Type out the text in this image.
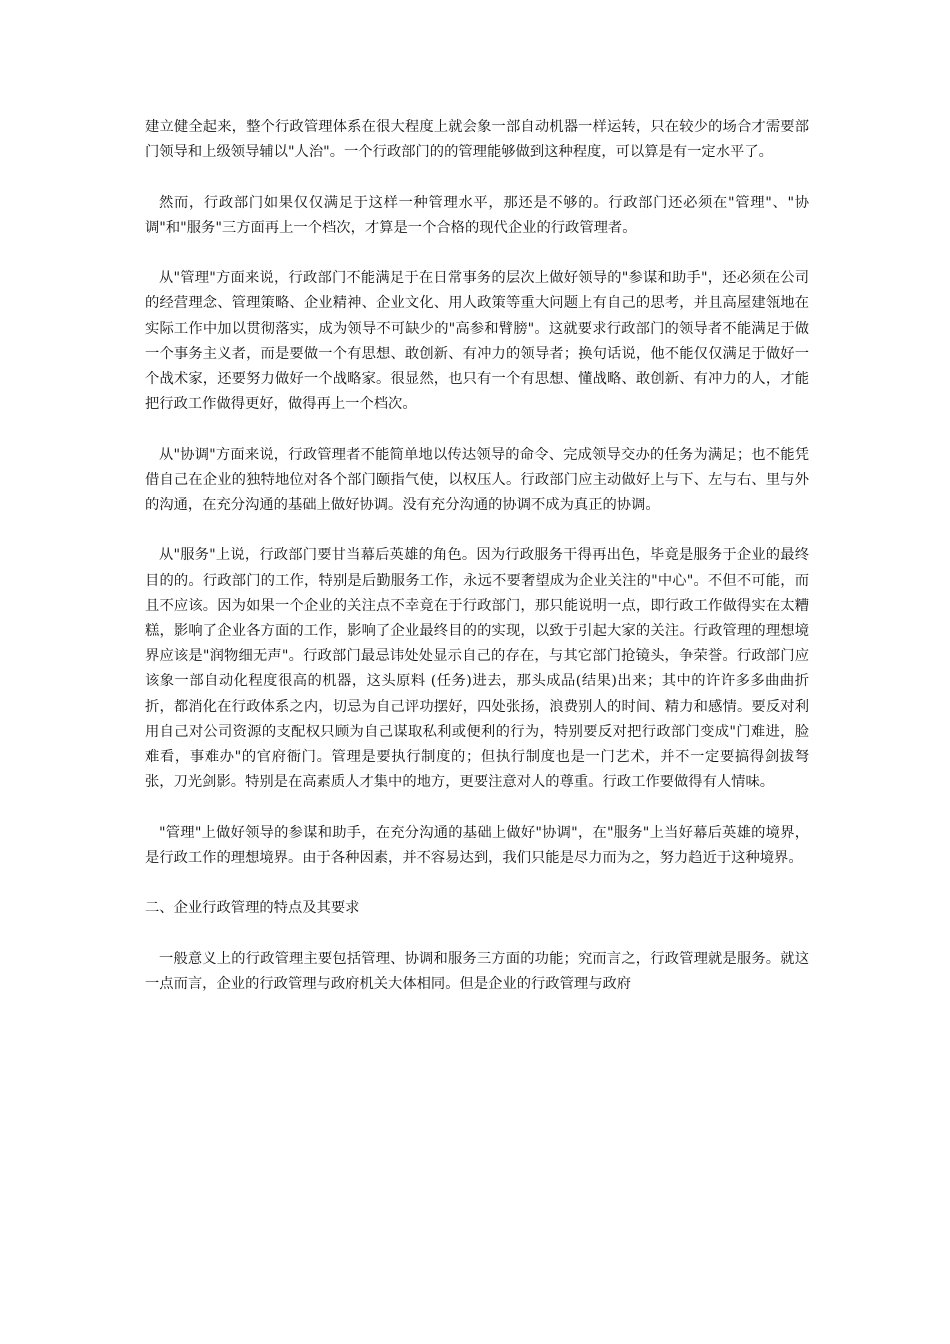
建立健全起来，整个行政管理体系在很大程度上就会象一部自动机器一样运转，只在较少的场合才需要部门领导和上级领导辅以"人治"。一个行政部门的的管理能够做到这种程度，可以算是有一定水平了。

然而，行政部门如果仅仅满足于这样一种管理水平，那还是不够的。行政部门还必须在"管理"、"协调"和"服务"三方面再上一个档次，才算是一个合格的现代企业的行政管理者。

从"管理"方面来说，行政部门不能满足于在日常事务的层次上做好领导的"参谋和助手"，还必须在公司的经营理念、管理策略、企业精神、企业文化、用人政策等重大问题上有自己的思考，并且高屋建瓴地在实际工作中加以贯彻落实，成为领导不可缺少的"高参和臂膀"。这就要求行政部门的领导者不能满足于做一个事务主义者，而是要做一个有思想、敢创新、有冲力的领导者；换句话说，他不能仅仅满足于做好一个战术家，还要努力做好一个战略家。很显然，也只有一个有思想、懂战略、敢创新、有冲力的人，才能把行政工作做得更好，做得再上一个档次。

从"协调"方面来说，行政管理者不能简单地以传达领导的命令、完成领导交办的任务为满足；也不能凭借自己在企业的独特地位对各个部门颐指气使，以权压人。行政部门应主动做好上与下、左与右、里与外的沟通，在充分沟通的基础上做好协调。没有充分沟通的协调不成为真正的协调。

从"服务"上说，行政部门要甘当幕后英雄的角色。因为行政服务干得再出色，毕竟是服务于企业的最终目的的。行政部门的工作，特别是后勤服务工作，永远不要奢望成为企业关注的"中心"。不但不可能，而且不应该。因为如果一个企业的关注点不幸竟在于行政部门，那只能说明一点，即行政工作做得实在太糟糕，影响了企业各方面的工作，影响了企业最终目的的实现，以致于引起大家的关注。行政管理的理想境界应该是"润物细无声"。行政部门最忌讳处处显示自己的存在，与其它部门抢镜头，争荣誉。行政部门应该象一部自动化程度很高的机器，这头原料 (任务)进去，那头成品(结果)出来；其中的许许多多曲曲折折，都消化在行政体系之内，切忌为自己评功摆好，四处张扬，浪费别人的时间、精力和感情。要反对利用自己对公司资源的支配权只顾为自己谋取私利或便利的行为，特别要反对把行政部门变成"门难进，脸难看，事难办"的官府衙门。管理是要执行制度的；但执行制度也是一门艺术，并不一定要搞得剑拔弩张，刀光剑影。特别是在高素质人才集中的地方，更要注意对人的尊重。行政工作要做得有人情味。

"管理"上做好领导的参谋和助手，在充分沟通的基础上做好"协调"，在"服务"上当好幕后英雄的境界，是行政工作的理想境界。由于各种因素，并不容易达到，我们只能是尽力而为之，努力趋近于这种境界。

二、企业行政管理的特点及其要求

一般意义上的行政管理主要包括管理、协调和服务三方面的功能；究而言之，行政管理就是服务。就这一点而言，企业的行政管理与政府机关大体相同。但是企业的行政管理与政府
